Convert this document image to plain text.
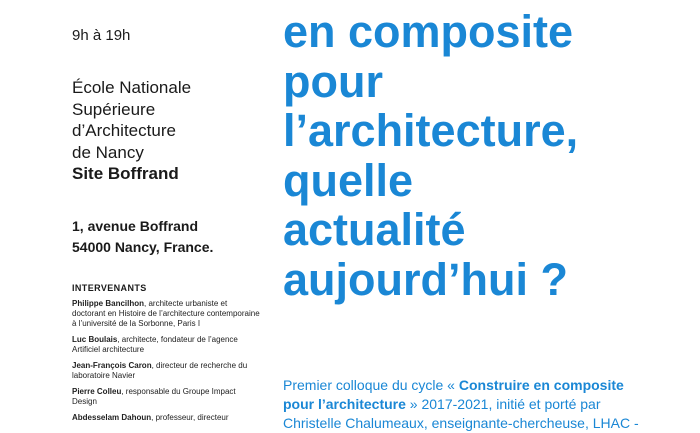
9h à 19h
École Nationale
Supérieure
d’Architecture
de Nancy
Site Boffrand
1, avenue Boffrand
54000 Nancy, France.
INTERVENANTS
Philippe Bancilhon, architecte urbaniste et doctorant en Histoire de l’architecture contemporaine à l’université de la Sorbonne, Paris I
Luc Boulais, architecte, fondateur de l’agence Artificiel architecture
Jean-François Caron, directeur de recherche du laboratoire Navier
Pierre Colleu, responsable du Groupe Impact Design
Abdesselam Dahoun, professeur, directeur
en composite
pour
l’architecture,
quelle
actualité
aujourd’hui ?
Premier colloque du cycle « Construire en composite
pour l’architecture » 2017-2021, initié et porté par
Christelle Chalumeaux, enseignante-chercheuse, LHAC -
